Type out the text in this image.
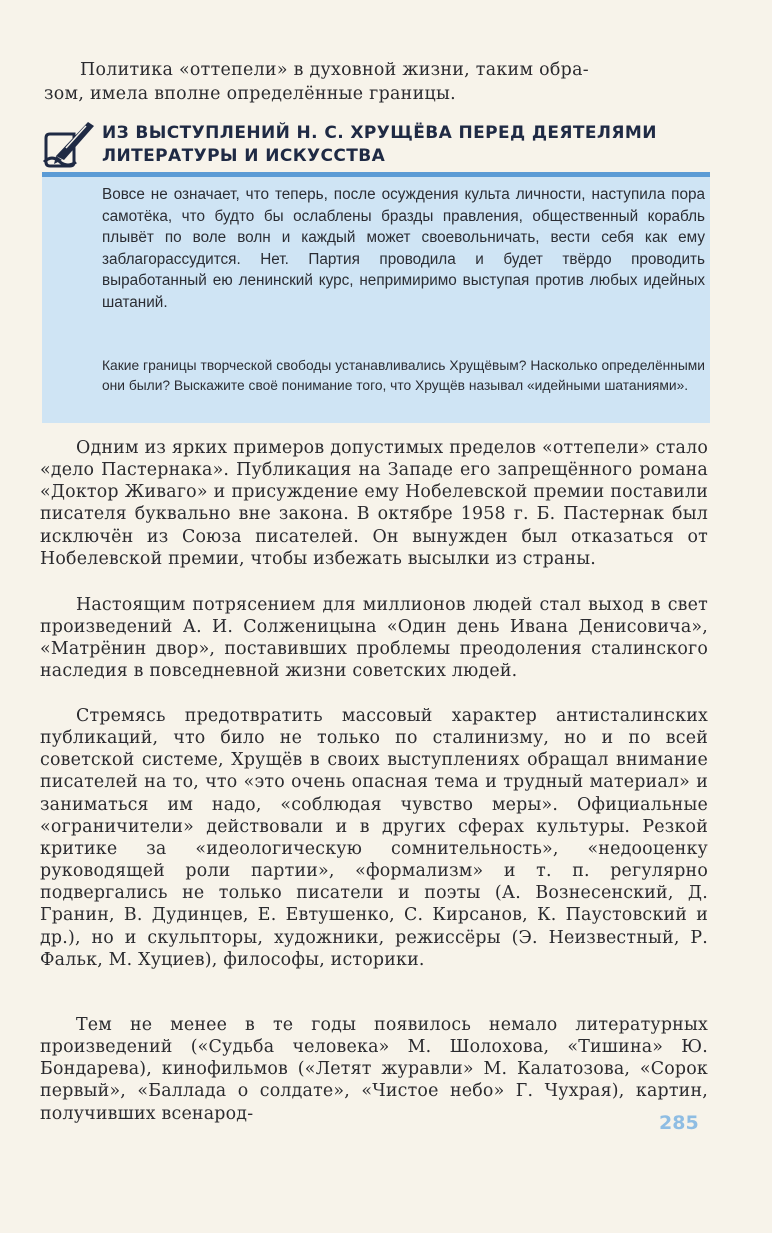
Политика «оттепели» в духовной жизни, таким обра-
зом, имела вполне определённые границы.

ИЗ ВЫСТУПЛЕНИЙ Н. С. ХРУЩЁВА ПЕРЕД ДЕЯТЕЛЯМИ
ЛИТЕРАТУРЫ И ИСКУССТВА

Вовсе не означает, что теперь, после осуждения культа личности, наступила пора самотёка, что будто бы ослаблены бразды правления, общественный корабль плывёт по воле волн и каждый может своевольничать, вести себя как ему заблагорассудится. Нет. Партия проводила и будет твёрдо проводить выработанный ею ленинский курс, непримиримо выступая против любых идейных шатаний.

Какие границы творческой свободы устанавливались Хрущёвым? Насколько определёнными они были? Выскажите своё понимание того, что Хрущёв называл «идейными шатаниями».

Одним из ярких примеров допустимых пределов «оттепели» стало «дело Пастернака». Публикация на Западе его запрещённого романа «Доктор Живаго» и присуждение ему Нобелевской премии поставили писателя буквально вне закона. В октябре 1958 г. Б. Пастернак был исключён из Союза писателей. Он вынужден был отказаться от Нобелевской премии, чтобы избежать высылки из страны.

Настоящим потрясением для миллионов людей стал выход в свет произведений А. И. Солженицына «Один день Ивана Денисовича», «Матрёнин двор», поставивших проблемы преодоления сталинского наследия в повседневной жизни советских людей.

Стремясь предотвратить массовый характер антисталинских публикаций, что било не только по сталинизму, но и по всей советской системе, Хрущёв в своих выступлениях обращал внимание писателей на то, что «это очень опасная тема и трудный материал» и заниматься им надо, «соблюдая чувство меры». Официальные «ограничители» действовали и в других сферах культуры. Резкой критике за «идеологическую сомнительность», «недооценку руководящей роли партии», «формализм» и т. п. регулярно подвергались не только писатели и поэты (А. Вознесенский, Д. Гранин, В. Дудинцев, Е. Евтушенко, С. Кирсанов, К. Паустовский и др.), но и скульпторы, художники, режиссёры (Э. Неизвестный, Р. Фальк, М. Хуциев), философы, историки.

Тем не менее в те годы появилось немало литературных произведений («Судьба человека» М. Шолохова, «Тишина» Ю. Бондарева), кинофильмов («Летят журавли» М. Калатозова, «Сорок первый», «Баллада о солдате», «Чистое небо» Г. Чухрая), картин, получивших всенарод-	285
